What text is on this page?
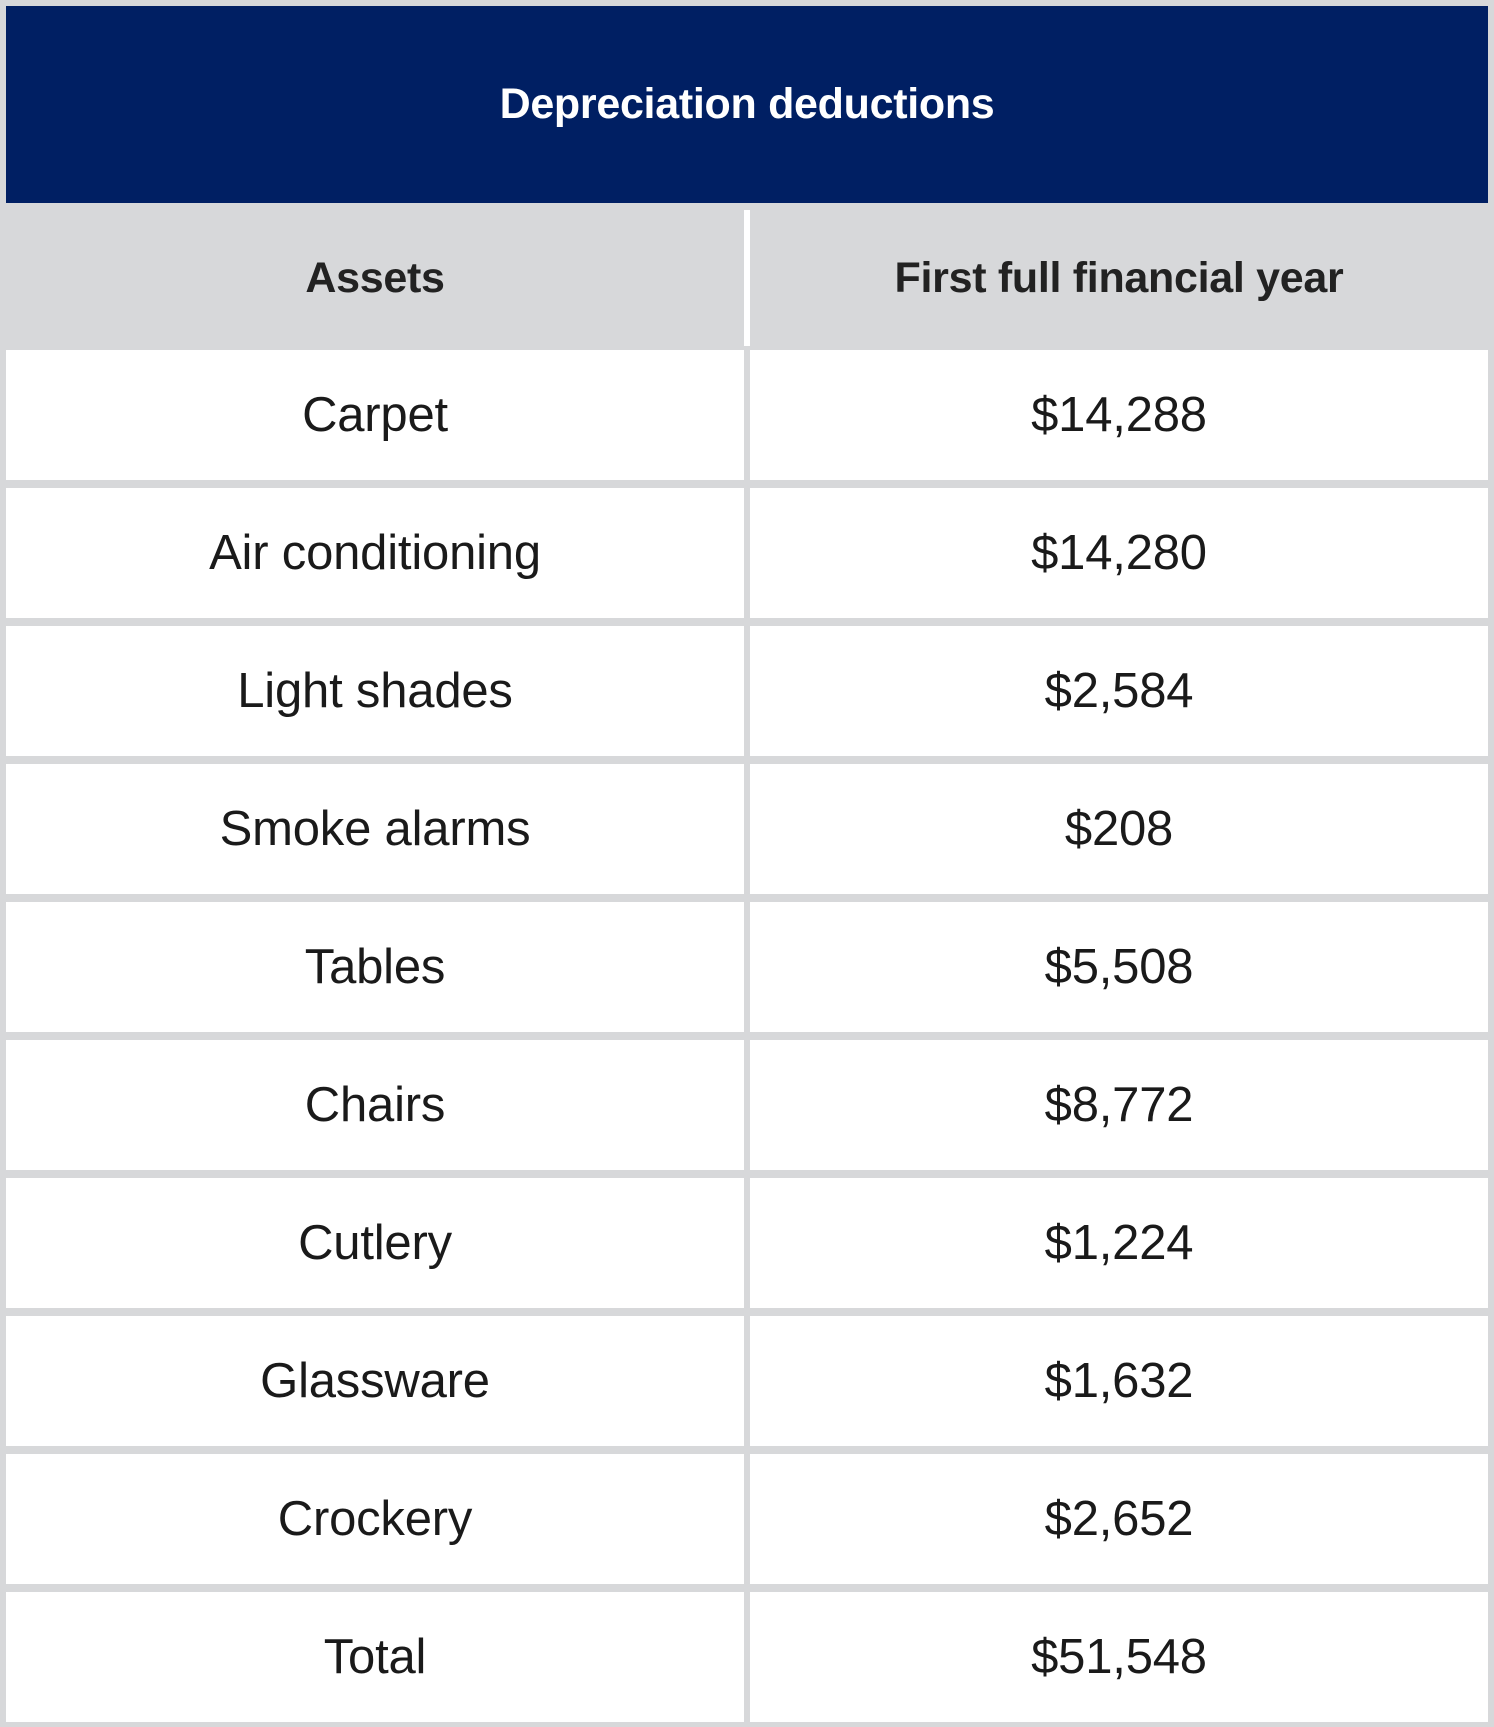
Depreciation deductions
Assets	First full financial year
Carpet	$14,288
Air conditioning	$14,280
Light shades	$2,584
Smoke alarms	$208
Tables	$5,508
Chairs	$8,772
Cutlery	$1,224
Glassware	$1,632
Crockery	$2,652
Total	$51,548
